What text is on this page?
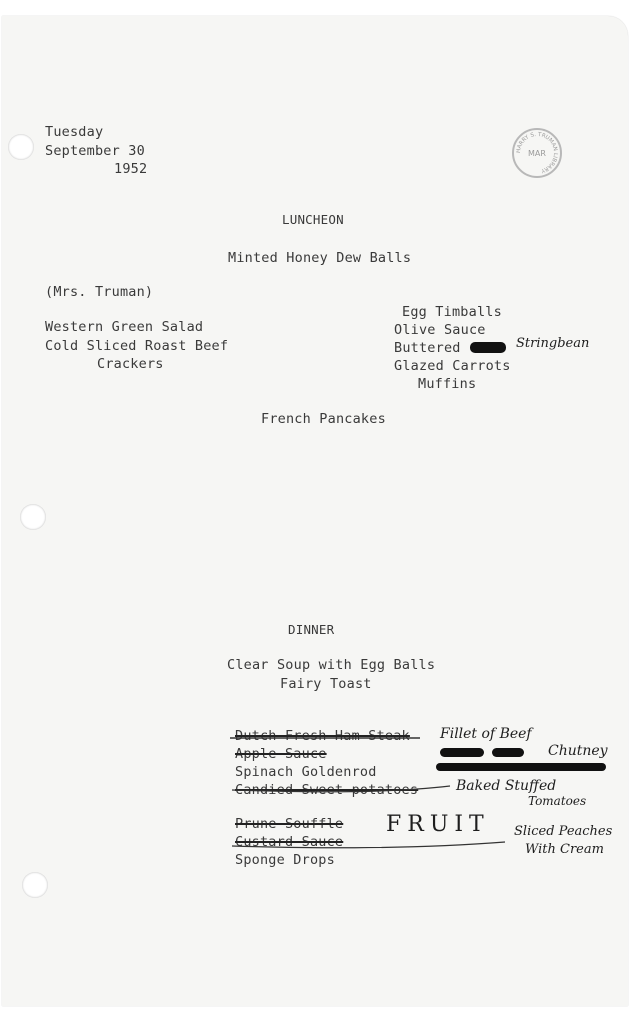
Tuesday
September 30
1952
HARRY S. TRUMAN LIBRARY
MAR
LUNCHEON
Minted Honey Dew Balls
(Mrs. Truman)
Western Green Salad
Cold Sliced Roast Beef
Crackers
Egg Timballs
Olive Sauce
Buttered	Stringbean
Glazed Carrots
Muffins
French Pancakes
DINNER
Clear Soup with Egg Balls
Fairy Toast
Dutch Fresh Ham Steak
Apple Sauce
Spinach Goldenrod
Candied Sweet potatoes
Fillet of Beef
Chutney
Baked Stuffed
Tomatoes
Prune Souffle
Custard Sauce
Sponge Drops
FRUIT Sliced Peaches
With Cream
